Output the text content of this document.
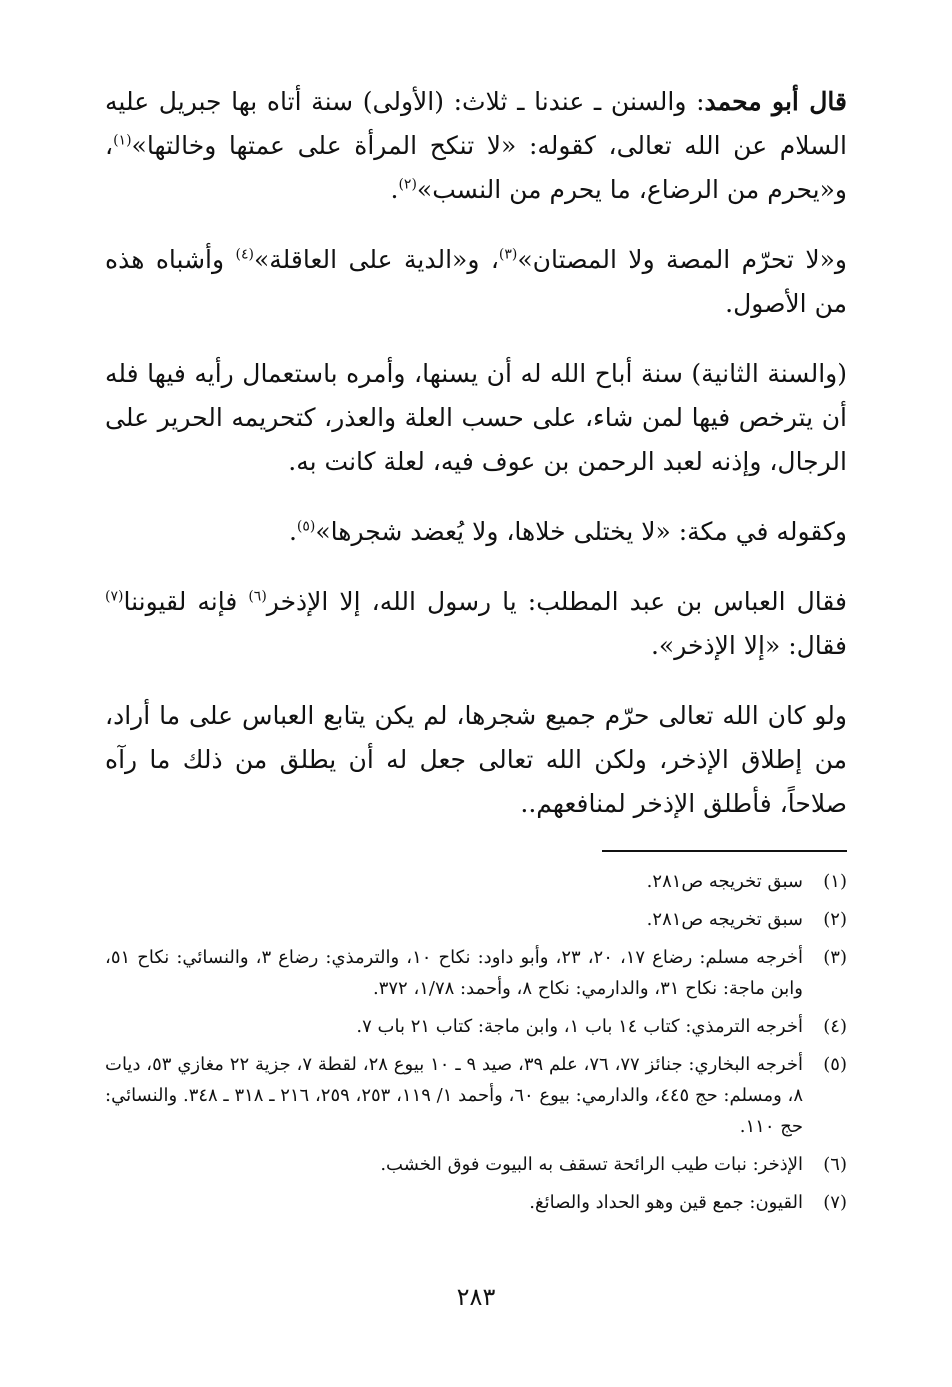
قال أبو محمد: والسنن ـ عندنا ـ ثلاث: (الأولى) سنة أتاه بها جبريل عليه السلام عن الله تعالى، كقوله: «لا تنكح المرأة على عمتها وخالتها»$^{(١)}$، و«يحرم من الرضاع، ما يحرم من النسب»$^{(٢)}$.

و«لا تحرّم المصة ولا المصتان»$^{(٣)}$، و«الدية على العاقلة»$^{(٤)}$ وأشباه هذه من الأصول.

(والسنة الثانية) سنة أباح الله له أن يسنها، وأمره باستعمال رأيه فيها فله أن يترخص فيها لمن شاء، على حسب العلة والعذر، كتحريمه الحرير على الرجال، وإذنه لعبد الرحمن بن عوف فيه، لعلة كانت به.

وكقوله في مكة: «لا يختلى خلاها، ولا يُعضد شجرها»$^{(٥)}$.

فقال العباس بن عبد المطلب: يا رسول الله، إلا الإذخر$^{(٦)}$ فإنه لقيوننا$^{(٧)}$ فقال: «إلا الإذخر».

ولو كان الله تعالى حرّم جميع شجرها، لم يكن يتابع العباس على ما أراد، من إطلاق الإذخر، ولكن الله تعالى جعل له أن يطلق من ذلك ما رآه صلاحاً، فأطلق الإذخر لمنافعهم..

(١)
سبق تخريجه ص٢٨١.
(٢)
سبق تخريجه ص٢٨١.
(٣)
أخرجه مسلم: رضاع ١٧، ٢٠، ٢٣، وأبو داود: نكاح ١٠، والترمذي: رضاع ٣، والنسائي: نكاح ٥١، وابن ماجة: نكاح ٣١، والدارمي: نكاح ٨، وأحمد: ١/٧٨، ٣٧٢.
(٤)
أخرجه الترمذي: كتاب ١٤ باب ١، وابن ماجة: كتاب ٢١ باب ٧.
(٥)
أخرجه البخاري: جنائز ٧٧، ٧٦، علم ٣٩، صيد ٩ ـ ١٠ بيوع ٢٨، لقطة ٧، جزية ٢٢ مغازي ٥٣، ديات ٨، ومسلم: حج ٤٤٥، والدارمي: بيوع ٦٠، وأحمد ١/ ١١٩، ٢٥٣، ٢٥٩، ٢١٦ ـ ٣١٨ ـ ٣٤٨. والنسائي: حج ١١٠.
(٦)
الإذخر: نبات طيب الرائحة تسقف به البيوت فوق الخشب.
(٧)
القيون: جمع قين وهو الحداد والصائغ.
٢٨٣
